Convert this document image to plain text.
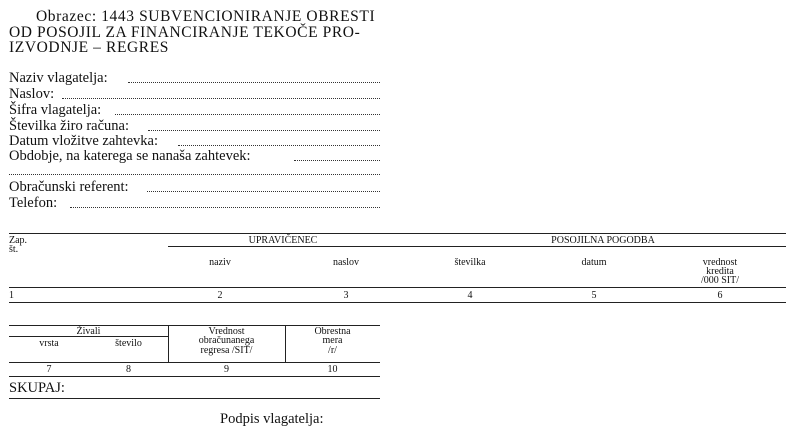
Obrazec: 1443 SUBVENCIONIRANJE OBRESTI
OD POSOJIL ZA FINANCIRANJE TEKOČE PRO-
IZVODNJE – REGRES
Naziv vlagatelja:
Naslov:
Šifra vlagatelja:
Številka žiro računa:
Datum vložitve zahtevka:
Obdobje, na katerega se nanaša zahtevek:
Obračunski referent:
Telefon:
Zap.
št.
UPRAVIČENEC	POSOJILNA POGODBA
naziv	naslov	številka	datum	vrednost
kredita
/000 SIT/
1	2	3	4	5	6
Živali
vrsta	število
Vrednost
obračunanega
regresa /SIT/
Obrestna
mera
/r/
7	8	9	10
SKUPAJ:
Podpis vlagatelja:
